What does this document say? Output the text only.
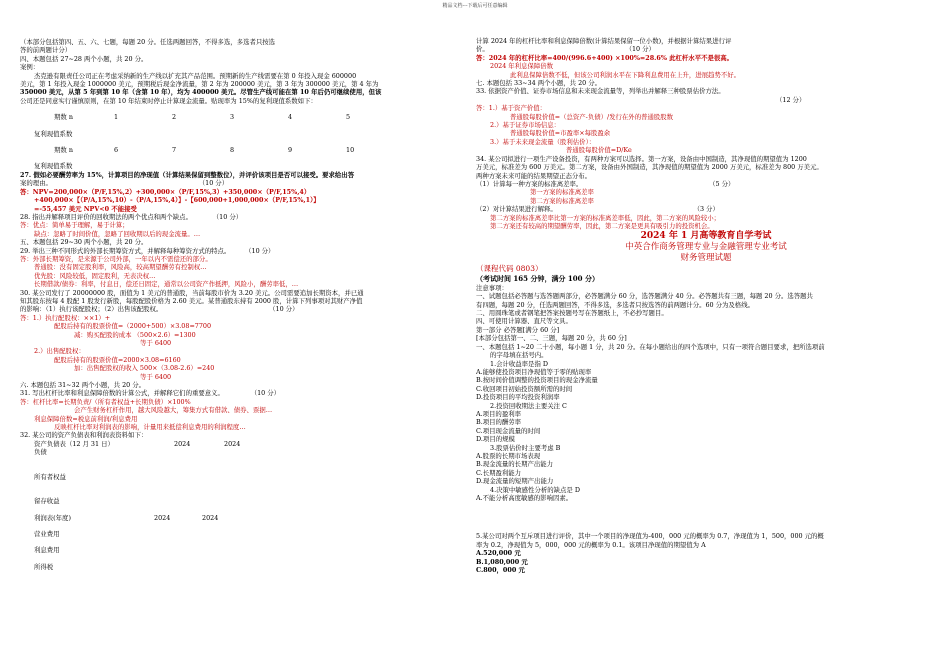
精品文档---下载后可任意编辑
（本部分包括第四、五、六、七题，每题 20 分。任选两题回答，不得多选，多选者只按选
答的前两题计分）
四、本题包括 27~28 两个小题，共 20 分。
案例：
杰克逊有限责任公司正在考虑采纳新的生产线以扩充其产品范围。预期新的生产线需要在第 0 年投入现金 600000
美元，第 1 年投入现金 1000000 美元，预期税后现金净流量，第 2 年为 200000 美元，第 3 年为 300000 美元，第 4 年为
350000 美元，从第 5 年到第 10 年（含第 10 年），均为 400000 美元。尽管生产线可能在第 10 年后仍可继续使用，但该
公司还是同意实行谨慎原则，在第 10 年结束时停止计算现金流量。贴现率为 15%的复利现值系数如下：
期数 n	1	2	3	4	5
复利现值系数
期数 n	6	7	8	9	10
复利现值系数
27. 假如必要酬劳率为 15%，计算项目的净现值（计算结果保留到整数位），并评价该项目是否可以接受。要求给出答
案的理由。	（10 分）
答：NPV=200,000×（P/F,15%,2）+300,000×（P/F,15%,3）+350,000×（P/F,15%,4）
+400,000×【（P/A,15%,10）-（P/A,15%,4）】-【600,000+1,000,000×（P/F,15%,1）】
=-55,457 美元 NPV<0 不能接受
28. 指出并解释项目评价的回收期法的两个优点和两个缺点。	（10 分）
答：优点：简单易于理解，易于计算；
缺点：忽略了时间价值，忽略了回收期以后的现金流量。…
五、本题包括 29~30 两个小题，共 20 分。
29. 举出三种不同形式的外部长期筹资方式，并解释每种筹资方式的特点。	（10 分）
答：外部长期筹资，是来源于公司外部，一年以内不需偿还的部分。
普通股：没有固定股利率，风险高，较高期望酬劳有控制权…
优先股：风险较低，固定股利，无表决权…
长期借款/债券：利率，付息日，偿还日固定，通常以公司资产作抵押，风险小，酬劳率低，…
30. 某公司发行了 20000000 股，面值为 1 美元的普通股，当前每股市价为 3.20 美元。公司需要追加长期资本，并已通
知其股东按每 4 股配 1 股发行新股，每股配股价格为 2.60 美元。某普通股东持有 2000 股，计算下列事项对其财产净值
的影响：（1）执行该配股权；（2）出售该配股权。	（10 分）
答：1.）执行配股权：××1）+
配股后持有的股票价值=（2000+500）×3.08=7700
减：购买配股的成本 （500×2.6）=1300
等于 6400
2.）出售配股权：
配股后持有的股票价值=2000×3.08=6160
加：出售配股权的收入 500×（3.08-2.6）=240
等于 6400
六. 本题包括 31~32 两个小题，共 20 分。
31. 写出杠杆比率和利息保障倍数的计算公式，并解释它们的重要意义。	（10 分）
答：杠杆比率=长期负责/（所有者权益+长期负债）×100%
会产生财务杠杆作用，越大风险越大，筹集方式有借款、债券、票据…
利息保障倍数=税息前利润/利息费用
反映杠杆比率对利润表的影响，计量用来抵偿利息费用的利润程度…
32. 某公司的资产负债表和利润表资料如下：
资产负债表（12 月 31 日）	2024	2024
负债
所有者权益
留存收益
利润表(年度)	2024	2024
营业费用
利息费用
所得税
计算 2024 年的杠杆比率和利息保障倍数(计算结果保留一位小数)，并根据计算结果进行评
价。	（10 分）
答：2024 年的杠杆比率=400/(996.6+400) ×100%=28.6% 此杠杆水平不是很高。
2024 年利息保障倍数
此利息保障倍数不低，但该公司利润水平在下降利息费用在上升，进展趋势不好。
七. 本题包括 33~34 两个小题，共 20 分。
33. 依据资产价值、证券市场信息和未来现金流量等，列举出并解释三种股票估价方法。
（12 分）
答：1.）基于资产价值：
普通股每股价值=（总资产-负债）/发行在外的普通股股数
2.）基于证券市场信息：
普通股每股价值=市盈率×每股盈余
3.）基于未来现金流量（股利估价）：
普通股每股价值=D/Ke
34. 某公司拟进行一项生产设备投资，有两种方案可以选择。第一方案，设备由中国制造，其净现值的期望值为 1200
万美元，标准差为 600 万美元。第二方案，设备由外国制造，其净现值的期望值为 2000 万美元，标准差为 800 万美元。
两种方案未来可能的结果期望正态分布。
（1）计算每一种方案的标准离差率。	（5 分）
第一方案的标准离差率
第二方案的标准离差率
（2）对计算结果进行解释。	（3 分）
第二方案的标准离差率比第一方案的标准离差率低，因此，第二方案的风险较小；
第二方案还有较高的期望酬劳率，因此，第二方案是更具有吸引力的投资机会。
2024 年 1 月高等教育自学考试
中英合作商务管理专业与金融管理专业考试
财务管理试题
（课程代码 0803）
（考试时间 165 分钟，满分 100 分）
注意事项：
一、试题包括必答题与选答题两部分，必答题满分 60 分，选答题满分 40 分。必答题共有三题，每题 20 分。选答题共
有四题，每题 20 分，任选两题回答，不得多选，多选者只按选答的前两题计分。60 分为及格线。
二、用圆珠笔或者钢笔把答案按题号写在答题纸上，不必抄写题目。
四、可使用计算器、直尺等文具。
第一部分 必答题[满分 60 分]
[本部分包括第一、二、三题，每题 20 分，共 60 分]
一、本题包括 1~20 二十小题，每小题 1 分，共 20 分。在每小题给出的四个选项中，只有一项符合题目要求，把所选项前
的字母填在括号内。
1.会计收益率是指 D
A.能够使投资项目净现值等于零的贴现率
B.按时间价值调整的投资项目的现金净流量
C.收回项目初始投资额所需的时间
D.投资项目的平均投资利润率
2.投资回收期法主要关注 C
A.项目的盈利率
B.项目的酬劳率
C.项目现金流量的时间
D.项目的规模
3.股票估价时主要考虑 B
A.股票的长期市场表现
B.现金流量的长期产出能力
C.长期盈利能力
D.现金流量的短期产出能力
4.决策中敏感性分析的缺点是 D
A.不能分析高度敏感的影响因素。
5.某公司对两个互斥项目进行评价，其中一个项目的净现值为-400，000 元的概率为 0.7，净现值为 1，500，000 元的概
率为 0.2，净现值为 5，000，000 元的概率为 0.1。该项目净现值的期望值为 A
A.520,000 元
B.1,080,000 元
C.800，000 元
